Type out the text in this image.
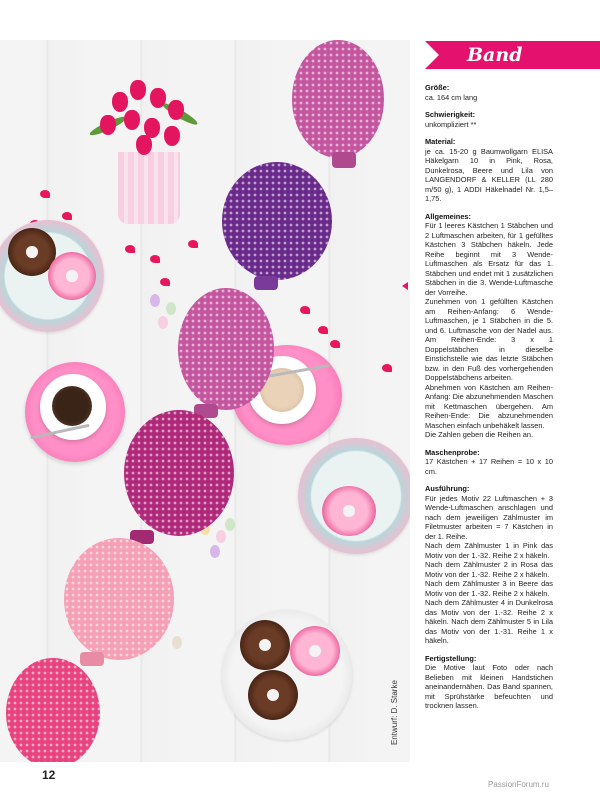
Entwurf: D. Starke
Band
Größe:

ca. 164 cm lang

Schwierigkeit:

unkompliziert **

Material:

je ca. 15-20 g Baumwollgarn ELISA Häkelgarn 10 in Pink, Rosa, Dunkelrosa, Beere und Lila von LANGENDORF & KELLER (LL 280 m/50 g), 1 ADDI Häkelnadel Nr. 1,5–1,75.

Allgemeines:

Für 1 leeres Kästchen 1 Stäbchen und 2 Luftmaschen arbeiten, für 1 gefülltes Kästchen 3 Stäbchen häkeln. Jede Reihe beginnt mit 3 Wende-Luftmaschen als Ersatz für das 1. Stäbchen und endet mit 1 zusätzlichen Stäbchen in die 3. Wende-Luftmasche der Vorreihe.

Zunehmen von 1 gefüllten Kästchen am Reihen-Anfang: 6 Wende-Luftmaschen, je 1 Stäbchen in die 5. und 6. Luftmasche von der Nadel aus. Am Reihen-Ende: 3 x 1 Doppelstäbchen in dieselbe Einstichstelle wie das letzte Stäbchen bzw. in den Fuß des vorhergehenden Doppelstäbchens arbeiten.

Abnehmen von Kästchen am Reihen-Anfang: Die abzunehmenden Maschen mit Kettmaschen übergehen. Am Reihen-Ende: Die abzunehmenden Maschen einfach unbehäkelt lassen.

Die Zahlen geben die Reihen an.

Maschenprobe:

17 Kästchen + 17 Reihen = 10 x 10 cm.

Ausführung:

Für jedes Motiv 22 Luftmaschen + 3 Wende-Luftmaschen anschlagen und nach dem jeweiligen Zählmuster im Filetmuster arbeiten = 7 Kästchen in der 1. Reihe.

Nach dem Zählmuster 1 in Pink das Motiv von der 1.-32. Reihe 2 x häkeln.

Nach dem Zählmuster 2 in Rosa das Motiv von der 1.-32. Reihe 2 x häkeln.

Nach dem Zählmuster 3 in Beere das Motiv von der 1.-32. Reihe 2 x häkeln.

Nach dem Zählmuster 4 in Dunkelrosa das Motiv von der 1.-32. Reihe 2 x häkeln. Nach dem Zählmuster 5 in Lila das Motiv von der 1.-31. Reihe 1 x häkeln.

Fertigstellung:

Die Motive laut Foto oder nach Belieben mit kleinen Handstichen aneinandernähen. Das Band spannen, mit Sprühstärke befeuchten und trocknen lassen.

12
PassionForum.ru
